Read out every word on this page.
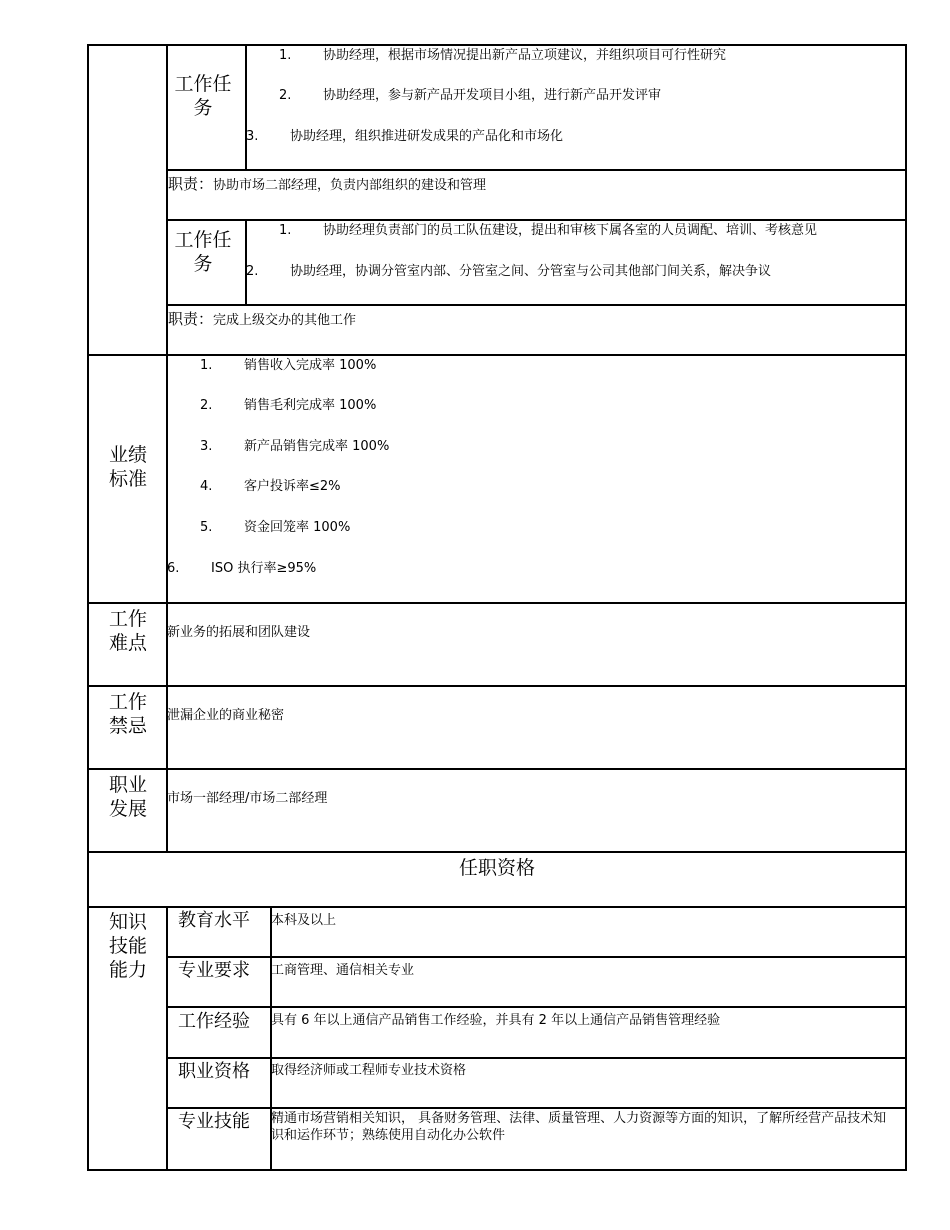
工作任务
1. 协助经理，根据市场情况提出新产品立项建议，并组织项目可行性研究
2. 协助经理，参与新产品开发项目小组，进行新产品开发评审
3. 协助经理，组织推进研发成果的产品化和市场化
职责：协助市场二部经理，负责内部组织的建设和管理
工作任务
1. 协助经理负责部门的员工队伍建设，提出和审核下属各室的人员调配、培训、考核意见
2. 协助经理，协调分管室内部、分管室之间、分管室与公司其他部门间关系，解决争议
职责：完成上级交办的其他工作
业绩标准
1. 销售收入完成率 100%
2. 销售毛利完成率 100%
3. 新产品销售完成率 100%
4. 客户投诉率≤2%
5. 资金回笼率 100%
6. ISO 执行率≥95%
工作难点	新业务的拓展和团队建设
工作禁忌	泄漏企业的商业秘密
职业发展	市场一部经理/市场二部经理
任职资格
知识技能能力
教育水平 本科及以上
专业要求 工商管理、通信相关专业
工作经验 具有 6 年以上通信产品销售工作经验，并具有 2 年以上通信产品销售管理经验
职业资格 取得经济师或工程师专业技术资格
专业技能 精通市场营销相关知识， 具备财务管理、法律、质量管理、人力资源等方面的知识，了解所经营产品技术知识和运作环节；熟练使用自动化办公软件
